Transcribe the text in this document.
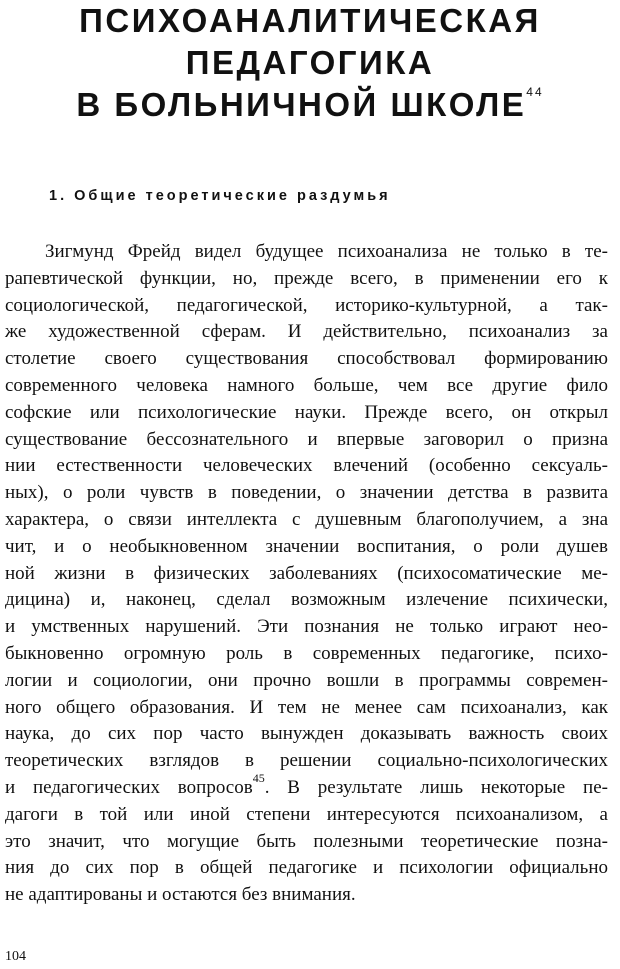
ПСИХОАНАЛИТИЧЕСКАЯ
ПЕДАГОГИКА
В БОЛЬНИЧНОЙ ШКОЛЕ$^{44}$
1. Общие теоретические раздумья
Зигмунд Фрейд видел будущее психоанализа не только в те-
рапевтической функции, но, прежде всего, в применении его к
социологической, педагогической, историко-культурной, а так-
же художественной сферам. И действительно, психоанализ за
столетие своего существования способствовал формированию
современного человека намного больше, чем все другие фило
софские или психологические науки. Прежде всего, он открыл
существование бессознательного и впервые заговорил о призна
нии естественности человеческих влечений (особенно сексуаль-
ных), о роли чувств в поведении, о значении детства в развита
характера, о связи интеллекта с душевным благополучием, а зна
чит, и о необыкновенном значении воспитания, о роли душев
ной жизни в физических заболеваниях (психосоматические ме-
дицина) и, наконец, сделал возможным излечение психически,
и умственных нарушений. Эти познания не только играют нео-
быкновенно огромную роль в современных педагогике, психо-
логии и социологии, они прочно вошли в программы современ-
ного общего образования. И тем не менее сам психоанализ, как
наука, до сих пор часто вынужден доказывать важность своих
теоретических взглядов в решении социально-психологических
и педагогических вопросов$^{45}$. В результате лишь некоторые пе-
дагоги в той или иной степени интересуются психоанализом, а
это значит, что могущие быть полезными теоретические позна-
ния до сих пор в общей педагогике и психологии официально
не адаптированы и остаются без внимания.
104
